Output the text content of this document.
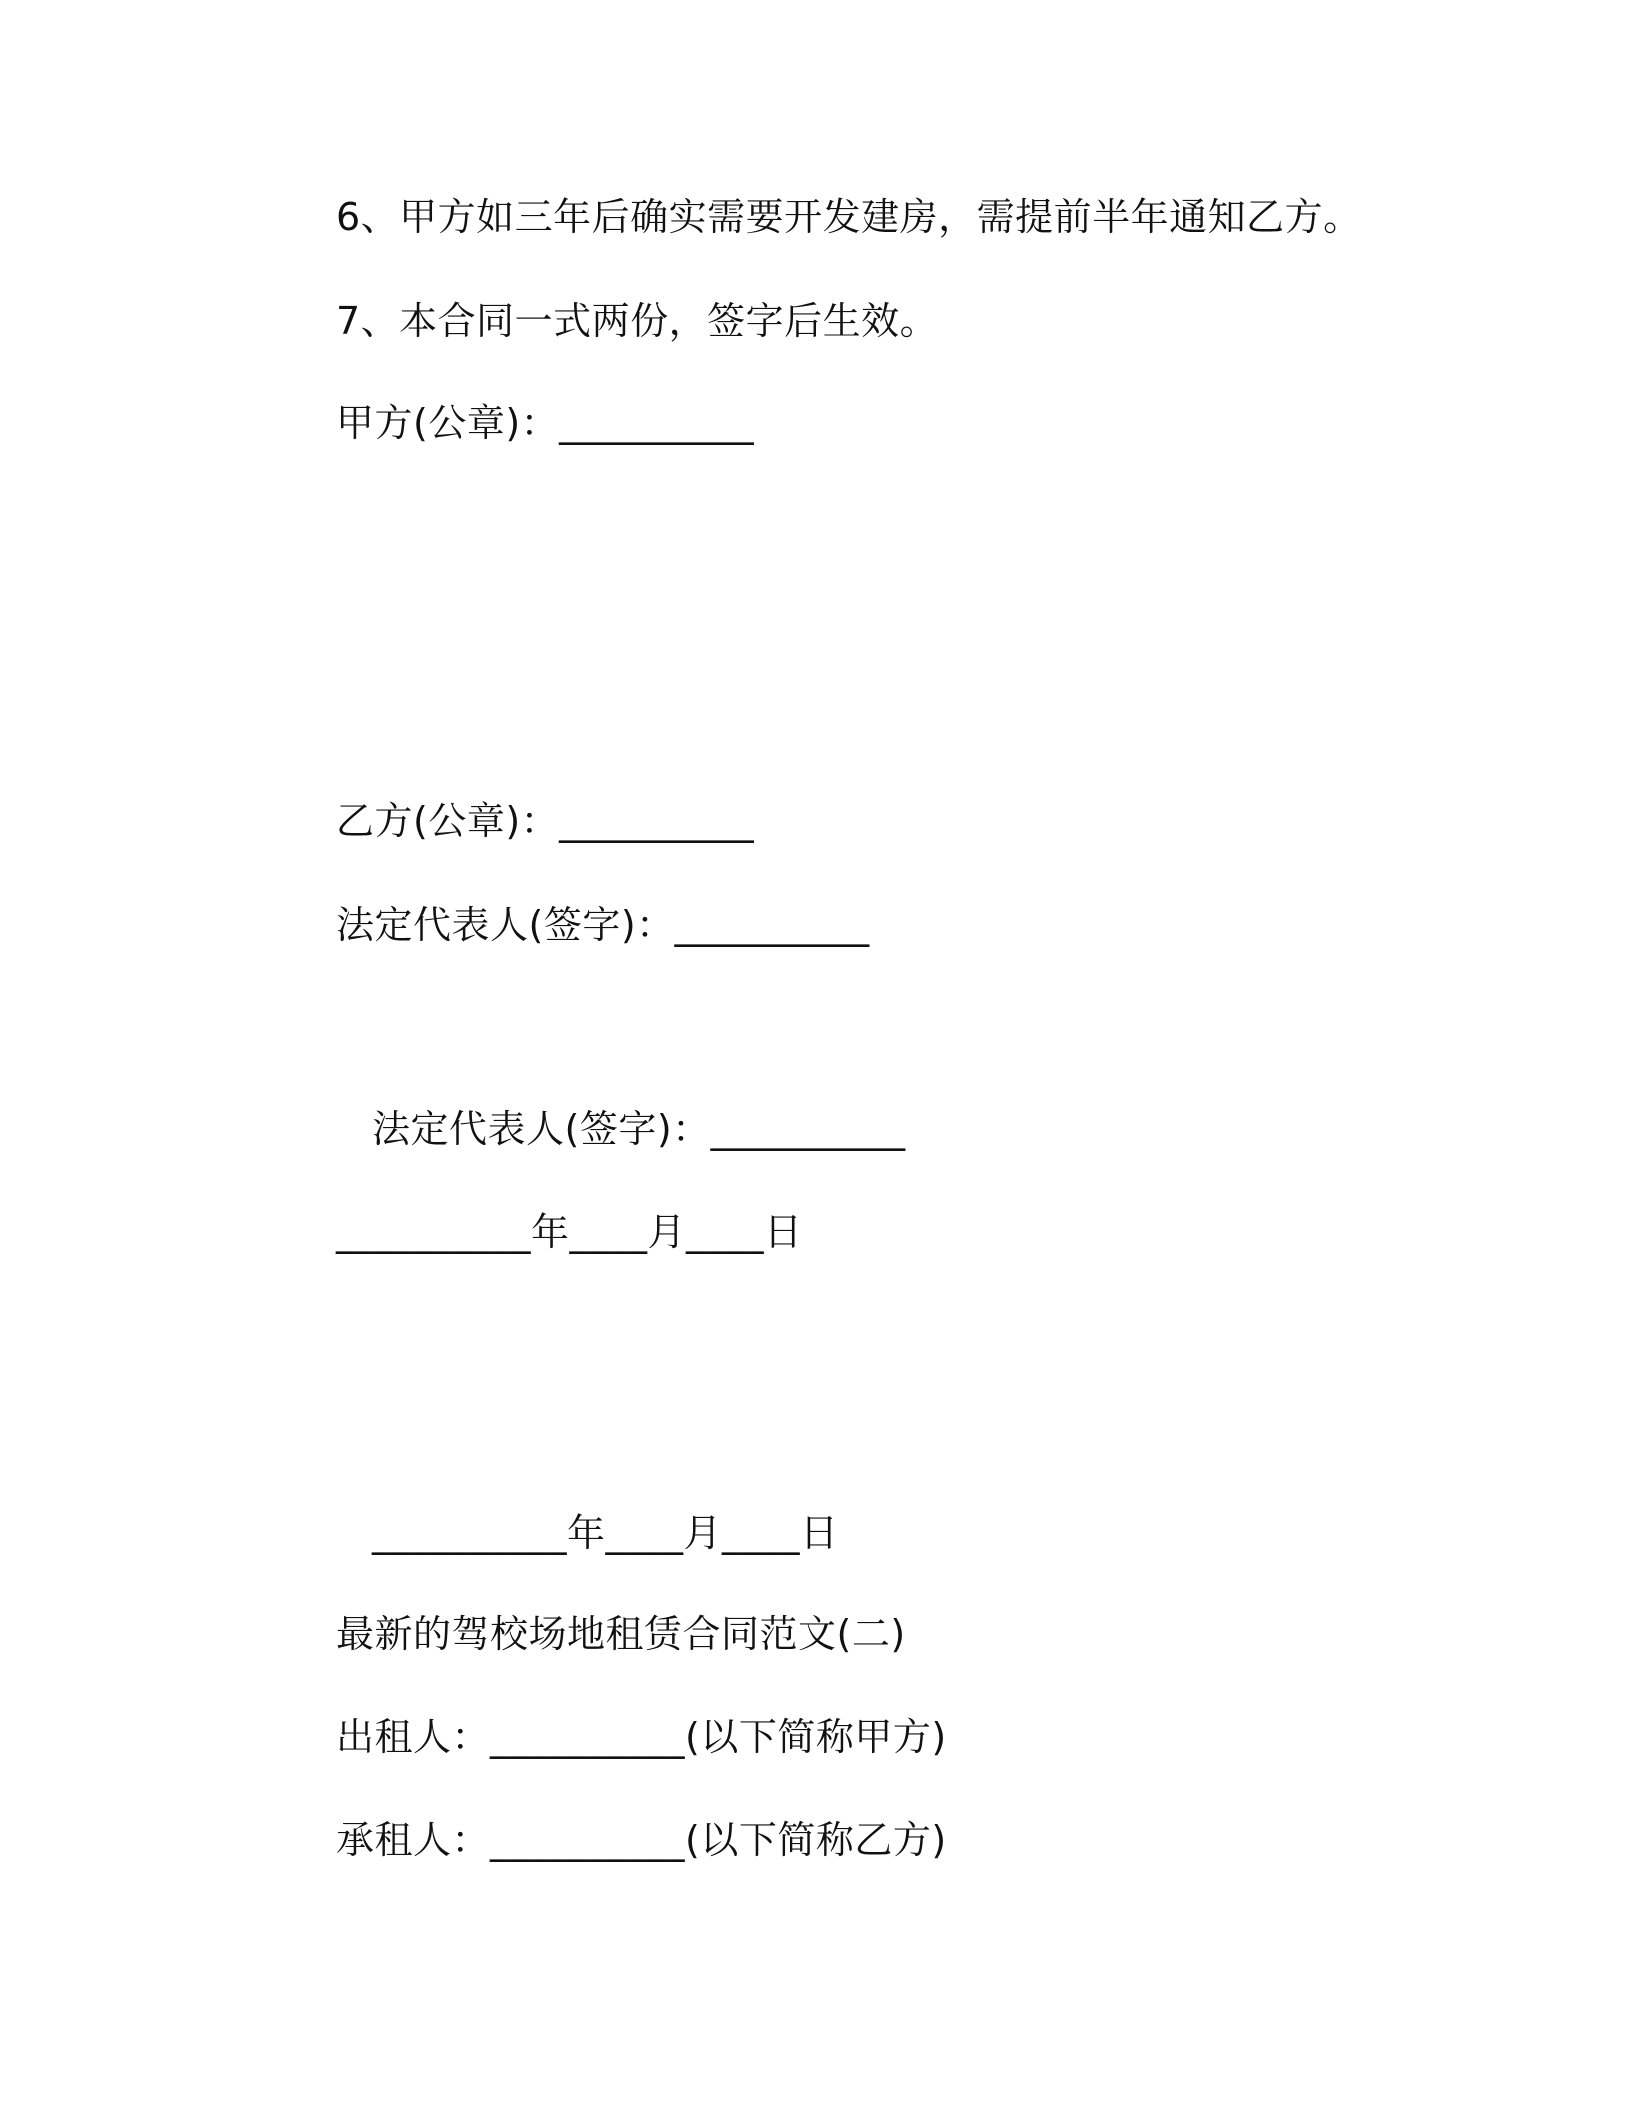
6、甲方如三年后确实需要开发建房，需提前半年通知乙方。
7、本合同一式两份，签字后生效。
甲方(公章)：__________
乙方(公章)：__________
法定代表人(签字)：__________
法定代表人(签字)：__________
__________年____月____日
__________年____月____日
最新的驾校场地租赁合同范文(二)
出租人：__________(以下简称甲方)
承租人：__________(以下简称乙方)
